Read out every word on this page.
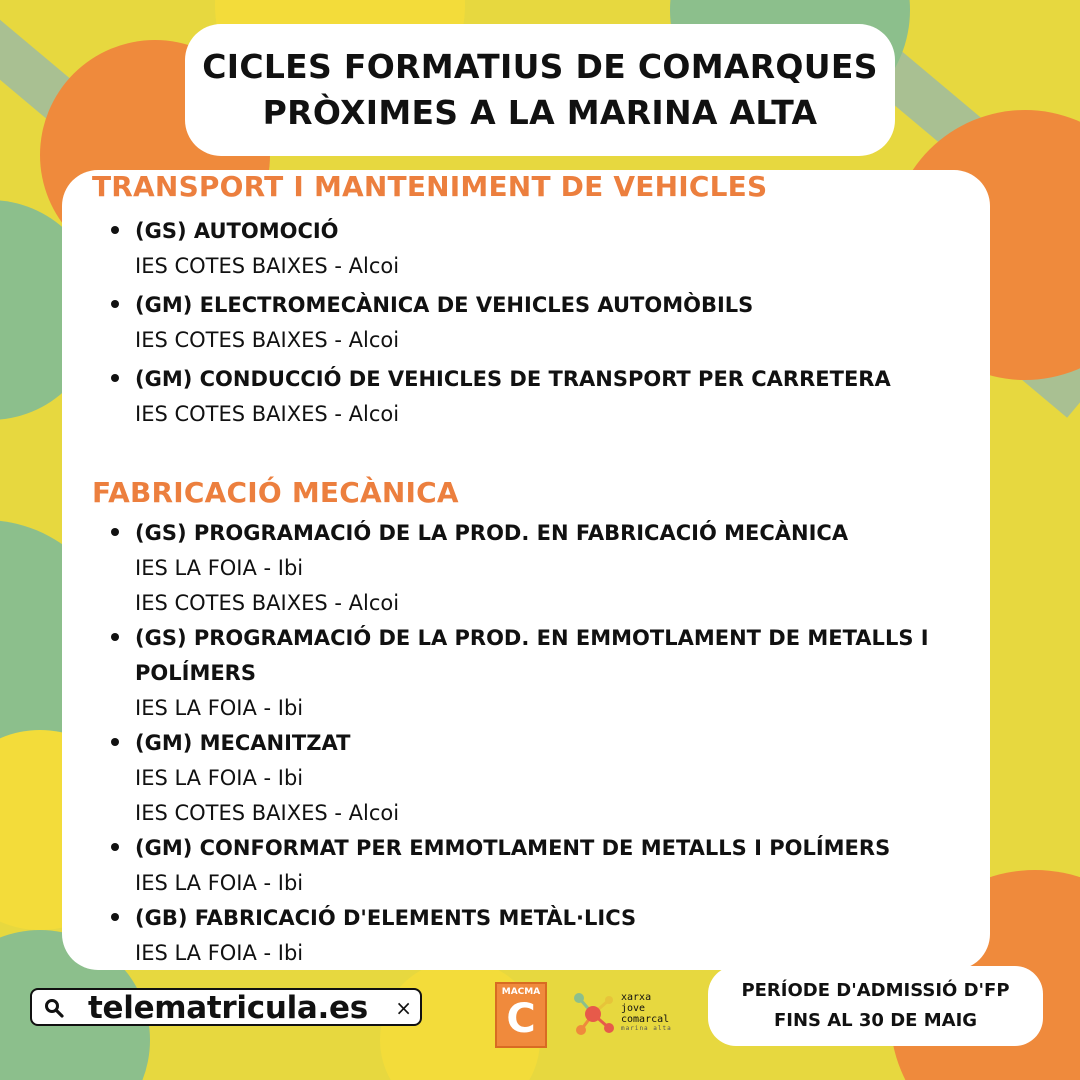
CICLES FORMATIUS DE COMARQUES
PRÒXIMES A LA MARINA ALTA
TRANSPORT I MANTENIMENT DE VEHICLES
(GS) AUTOMOCIÓ
IES COTES BAIXES - Alcoi
(GM) ELECTROMECÀNICA DE VEHICLES AUTOMÒBILS
IES COTES BAIXES - Alcoi
(GM) CONDUCCIÓ DE VEHICLES DE TRANSPORT PER CARRETERA
IES COTES BAIXES - Alcoi
FABRICACIÓ MECÀNICA
(GS) PROGRAMACIÓ DE LA PROD. EN FABRICACIÓ MECÀNICA
IES LA FOIA - Ibi
IES COTES BAIXES - Alcoi
(GS) PROGRAMACIÓ DE LA PROD. EN EMMOTLAMENT DE METALLS I
POLÍMERS
IES LA FOIA - Ibi
(GM) MECANITZAT
IES LA FOIA - Ibi
IES COTES BAIXES - Alcoi
(GM) CONFORMAT PER EMMOTLAMENT DE METALLS I POLÍMERS
IES LA FOIA - Ibi
(GB) FABRICACIÓ D'ELEMENTS METÀL·LICS
IES LA FOIA - Ibi
telematricula.es ×
MACMA
C	xarxa
jove
comarcal
marina alta
PERÍODE D'ADMISSIÓ D'FP
FINS AL 30 DE MAIG
